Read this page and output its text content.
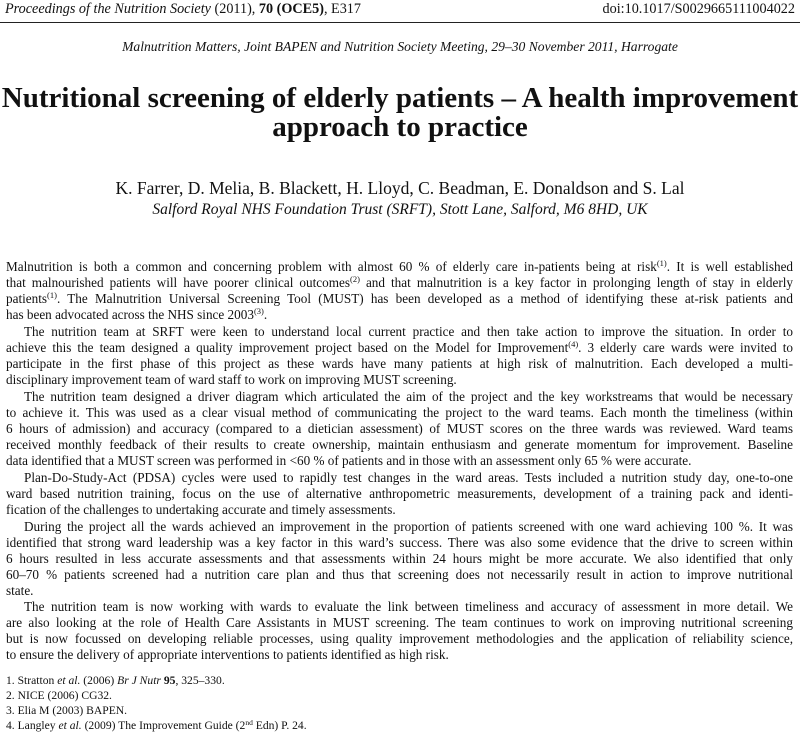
Proceedings of the Nutrition Society (2011), 70 (OCE5), E317	doi:10.1017/S0029665111004022
Malnutrition Matters, Joint BAPEN and Nutrition Society Meeting, 29–30 November 2011, Harrogate
Nutritional screening of elderly patients – A health improvement
approach to practice
K. Farrer, D. Melia, B. Blackett, H. Lloyd, C. Beadman, E. Donaldson and S. Lal
Salford Royal NHS Foundation Trust (SRFT), Stott Lane, Salford, M6 8HD, UK
Malnutrition is both a common and concerning problem with almost 60 % of elderly care in-patients being at risk$^{(1)}$. It is well established
that malnourished patients will have poorer clinical outcomes$^{(2)}$ and that malnutrition is a key factor in prolonging length of stay in elderly
patients$^{(1)}$. The Malnutrition Universal Screening Tool (MUST) has been developed as a method of identifying these at-risk patients and
has been advocated across the NHS since 2003$^{(3)}$.
The nutrition team at SRFT were keen to understand local current practice and then take action to improve the situation. In order to
achieve this the team designed a quality improvement project based on the Model for Improvement$^{(4)}$. 3 elderly care wards were invited to
participate in the first phase of this project as these wards have many patients at high risk of malnutrition. Each developed a multi-
disciplinary improvement team of ward staff to work on improving MUST screening.
The nutrition team designed a driver diagram which articulated the aim of the project and the key workstreams that would be necessary
to achieve it. This was used as a clear visual method of communicating the project to the ward teams. Each month the timeliness (within
6 hours of admission) and accuracy (compared to a dietician assessment) of MUST scores on the three wards was reviewed. Ward teams
received monthly feedback of their results to create ownership, maintain enthusiasm and generate momentum for improvement. Baseline
data identified that a MUST screen was performed in <60 % of patients and in those with an assessment only 65 % were accurate.
Plan-Do-Study-Act (PDSA) cycles were used to rapidly test changes in the ward areas. Tests included a nutrition study day, one-to-one
ward based nutrition training, focus on the use of alternative anthropometric measurements, development of a training pack and identi-
fication of the challenges to undertaking accurate and timely assessments.
During the project all the wards achieved an improvement in the proportion of patients screened with one ward achieving 100 %. It was
identified that strong ward leadership was a key factor in this ward’s success. There was also some evidence that the drive to screen within
6 hours resulted in less accurate assessments and that assessments within 24 hours might be more accurate. We also identified that only
60–70 % patients screened had a nutrition care plan and thus that screening does not necessarily result in action to improve nutritional
state.
The nutrition team is now working with wards to evaluate the link between timeliness and accuracy of assessment in more detail. We
are also looking at the role of Health Care Assistants in MUST screening. The team continues to work on improving nutritional screening
but is now focussed on developing reliable processes, using quality improvement methodologies and the application of reliability science,
to ensure the delivery of appropriate interventions to patients identified as high risk.
1. Stratton et al. (2006) Br J Nutr 95, 325–330.
2. NICE (2006) CG32.
3. Elia M (2003) BAPEN.
4. Langley et al. (2009) The Improvement Guide (2nd Edn) P. 24.
